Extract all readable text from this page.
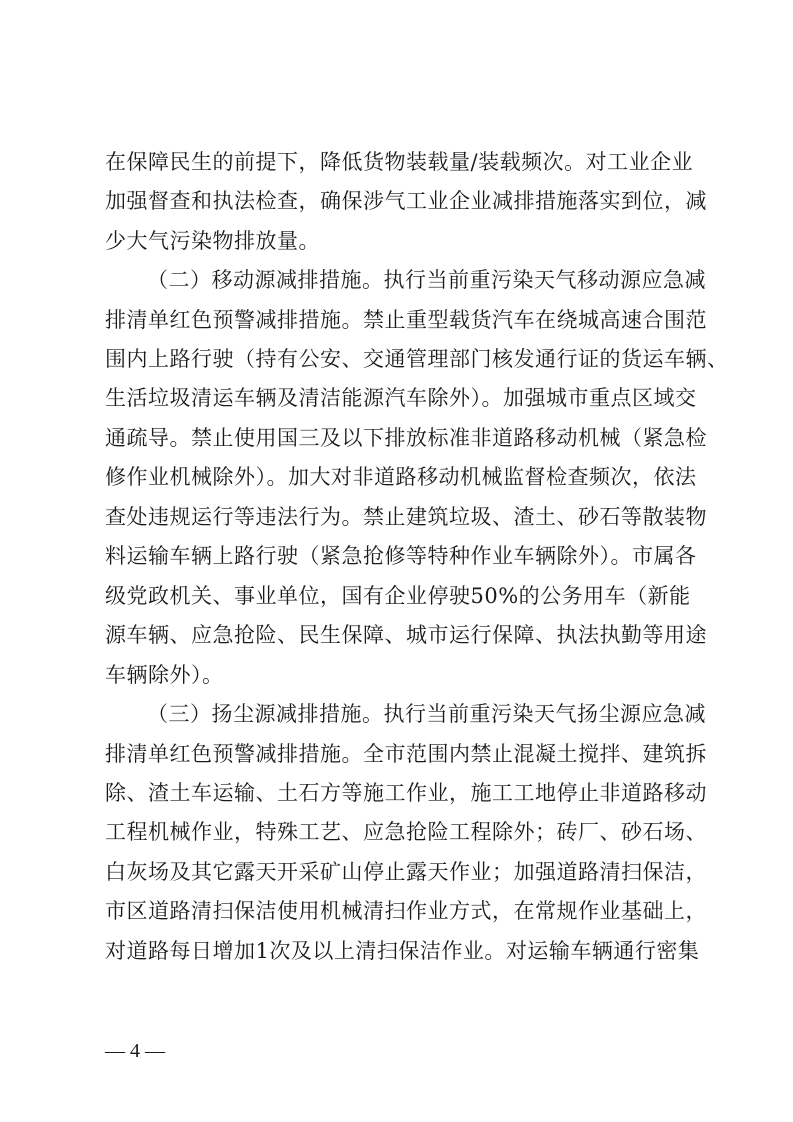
在保障民生的前提下，降低货物装载量/装载频次。对工业企业
加强督查和执法检查，确保涉气工业企业减排措施落实到位，减
少大气污染物排放量。
（二）移动源减排措施。执行当前重污染天气移动源应急减
排清单红色预警减排措施。禁止重型载货汽车在绕城高速合围范
围内上路行驶（持有公安、交通管理部门核发通行证的货运车辆、
生活垃圾清运车辆及清洁能源汽车除外）。加强城市重点区域交
通疏导。禁止使用国三及以下排放标准非道路移动机械（紧急检
修作业机械除外）。加大对非道路移动机械监督检查频次，依法
查处违规运行等违法行为。禁止建筑垃圾、渣土、砂石等散装物
料运输车辆上路行驶（紧急抢修等特种作业车辆除外）。市属各
级党政机关、事业单位，国有企业停驶50%的公务用车（新能
源车辆、应急抢险、民生保障、城市运行保障、执法执勤等用途
车辆除外）。
（三）扬尘源减排措施。执行当前重污染天气扬尘源应急减
排清单红色预警减排措施。全市范围内禁止混凝土搅拌、建筑拆
除、渣土车运输、土石方等施工作业，施工工地停止非道路移动
工程机械作业，特殊工艺、应急抢险工程除外；砖厂、砂石场、
白灰场及其它露天开采矿山停止露天作业；加强道路清扫保洁，
市区道路清扫保洁使用机械清扫作业方式，在常规作业基础上，
对道路每日增加1次及以上清扫保洁作业。对运输车辆通行密集
— 4 —
